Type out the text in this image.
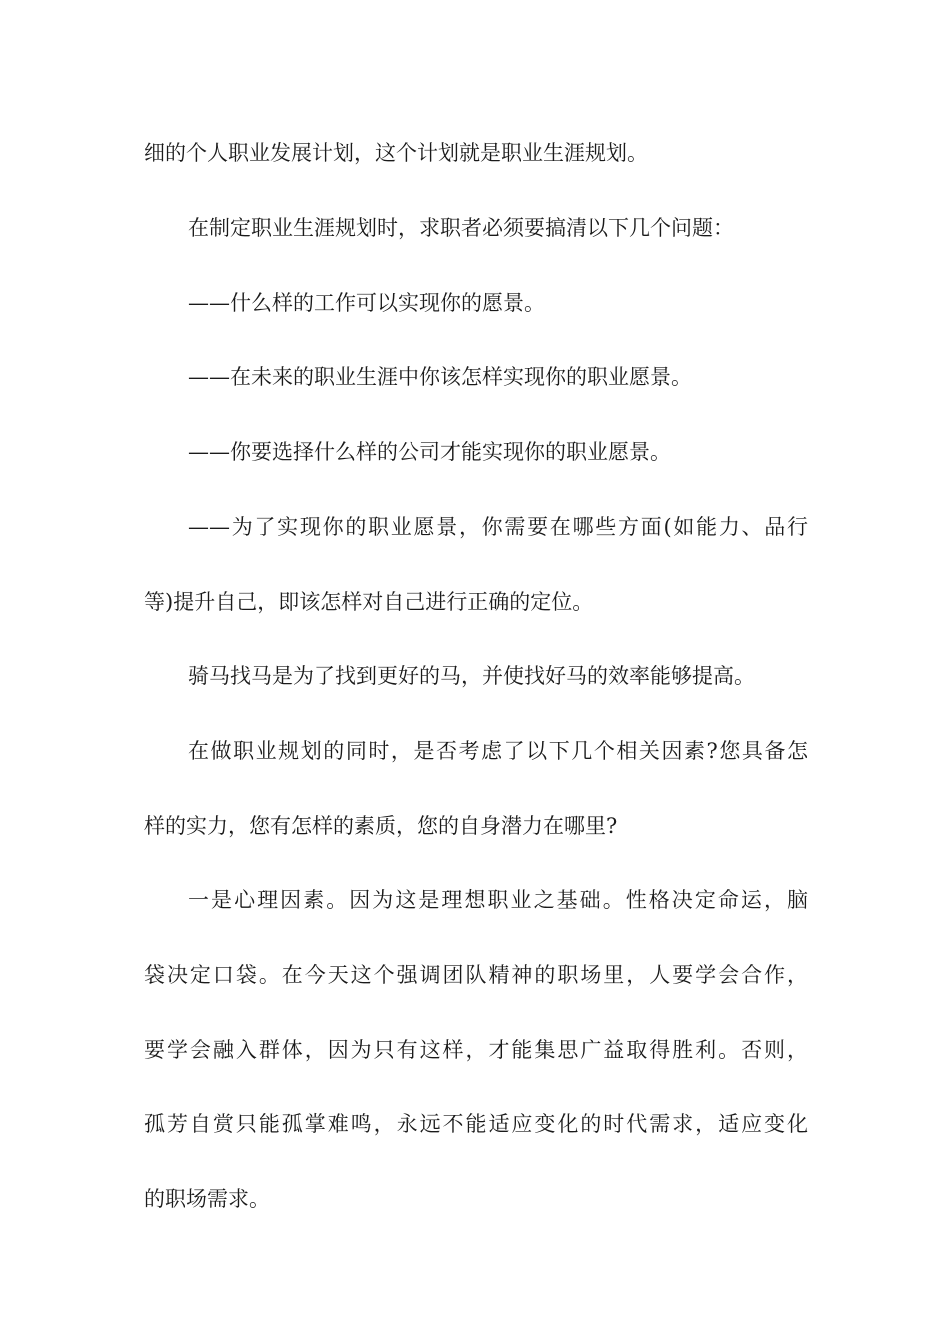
细的个人职业发展计划，这个计划就是职业生涯规划。
在制定职业生涯规划时，求职者必须要搞清以下几个问题：
——什么样的工作可以实现你的愿景。
——在未来的职业生涯中你该怎样实现你的职业愿景。
——你要选择什么样的公司才能实现你的职业愿景。
——为了实现你的职业愿景，你需要在哪些方面(如能力、品行
等)提升自己，即该怎样对自己进行正确的定位。
骑马找马是为了找到更好的马，并使找好马的效率能够提高。
在做职业规划的同时，是否考虑了以下几个相关因素?您具备怎
样的实力，您有怎样的素质，您的自身潜力在哪里?
一是心理因素。因为这是理想职业之基础。性格决定命运，脑
袋决定口袋。在今天这个强调团队精神的职场里，人要学会合作，
要学会融入群体，因为只有这样，才能集思广益取得胜利。否则，
孤芳自赏只能孤掌难鸣，永远不能适应变化的时代需求，适应变化
的职场需求。
